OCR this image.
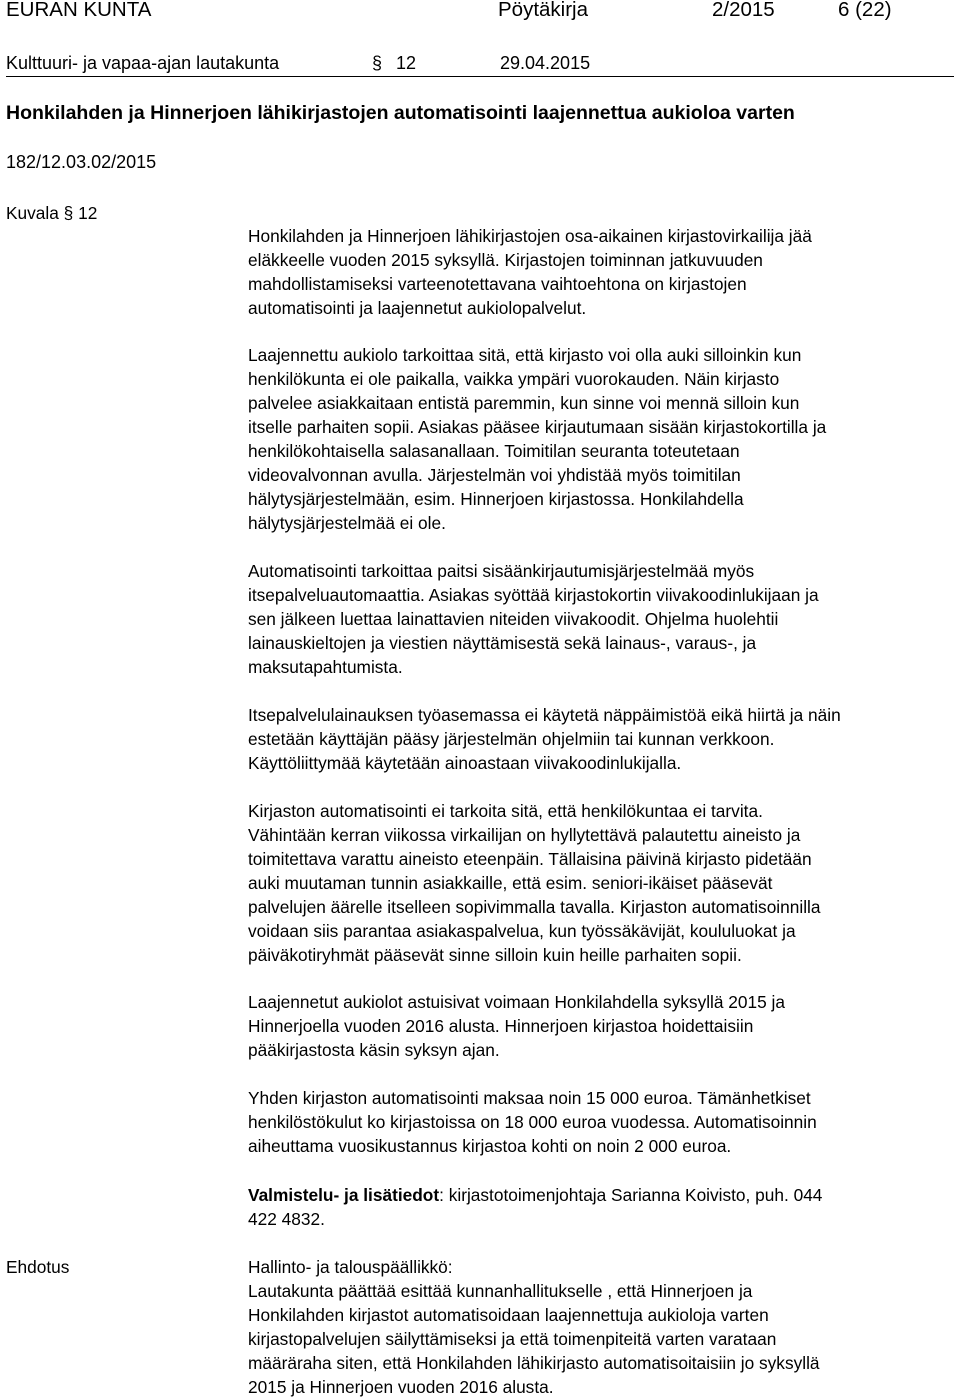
EURAN KUNTA	Pöytäkirja	2/2015	6 (22)
Kulttuuri- ja vapaa-ajan lautakunta	§ 12	29.04.2015
Honkilahden ja Hinnerjoen lähikirjastojen automatisointi laajennettua aukioloa varten
182/12.03.02/2015
Kuvala § 12
Honkilahden ja Hinnerjoen lähikirjastojen osa-aikainen kirjastovirkailija jää
eläkkeelle vuoden 2015 syksyllä. Kirjastojen toiminnan jatkuvuuden
mahdollistamiseksi varteenotettavana vaihtoehtona on kirjastojen
automatisointi ja laajennetut aukiolopalvelut.
Laajennettu aukiolo tarkoittaa sitä, että kirjasto voi olla auki silloinkin kun
henkilökunta ei ole paikalla, vaikka ympäri vuorokauden. Näin kirjasto
palvelee asiakkaitaan entistä paremmin, kun sinne voi mennä silloin kun
itselle parhaiten sopii. Asiakas pääsee kirjautumaan sisään kirjastokortilla ja
henkilökohtaisella salasanallaan. Toimitilan seuranta toteutetaan
videovalvonnan avulla. Järjestelmän voi yhdistää myös toimitilan
hälytysjärjestelmään, esim. Hinnerjoen kirjastossa. Honkilahdella
hälytysjärjestelmää ei ole.
Automatisointi tarkoittaa paitsi sisäänkirjautumisjärjestelmää myös
itsepalveluautomaattia. Asiakas syöttää kirjastokortin viivakoodinlukijaan ja
sen jälkeen luettaa lainattavien niteiden viivakoodit. Ohjelma huolehtii
lainauskieltojen ja viestien näyttämisestä sekä lainaus-, varaus-, ja
maksutapahtumista.
Itsepalvelulainauksen työasemassa ei käytetä näppäimistöä eikä hiirtä ja näin
estetään käyttäjän pääsy järjestelmän ohjelmiin tai kunnan verkkoon.
Käyttöliittymää käytetään ainoastaan viivakoodinlukijalla.
Kirjaston automatisointi ei tarkoita sitä, että henkilökuntaa ei tarvita.
Vähintään kerran viikossa virkailijan on hyllytettävä palautettu aineisto ja
toimitettava varattu aineisto eteenpäin. Tällaisina päivinä kirjasto pidetään
auki muutaman tunnin asiakkaille, että esim. seniori-ikäiset pääsevät
palvelujen äärelle itselleen sopivimmalla tavalla. Kirjaston automatisoinnilla
voidaan siis parantaa asiakaspalvelua, kun työssäkävijät, koululuokat ja
päiväkotiryhmät pääsevät sinne silloin kuin heille parhaiten sopii.
Laajennetut aukiolot astuisivat voimaan Honkilahdella syksyllä 2015 ja
Hinnerjoella vuoden 2016 alusta. Hinnerjoen kirjastoa hoidettaisiin
pääkirjastosta käsin syksyn ajan.
Yhden kirjaston automatisointi maksaa noin 15 000 euroa. Tämänhetkiset
henkilöstökulut ko kirjastoissa on 18 000 euroa vuodessa. Automatisoinnin
aiheuttama vuosikustannus kirjastoa kohti on noin 2 000 euroa.
Valmistelu- ja lisätiedot: kirjastotoimenjohtaja Sarianna Koivisto, puh. 044
422 4832.
Ehdotus	Hallinto- ja talouspäällikkö:
Lautakunta päättää esittää kunnanhallitukselle , että Hinnerjoen ja
Honkilahden kirjastot automatisoidaan laajennettuja aukioloja varten
kirjastopalvelujen säilyttämiseksi ja että toimenpiteitä varten varataan
määräraha siten, että Honkilahden lähikirjasto automatisoitaisiin jo syksyllä
2015 ja Hinnerjoen vuoden 2016 alusta.
